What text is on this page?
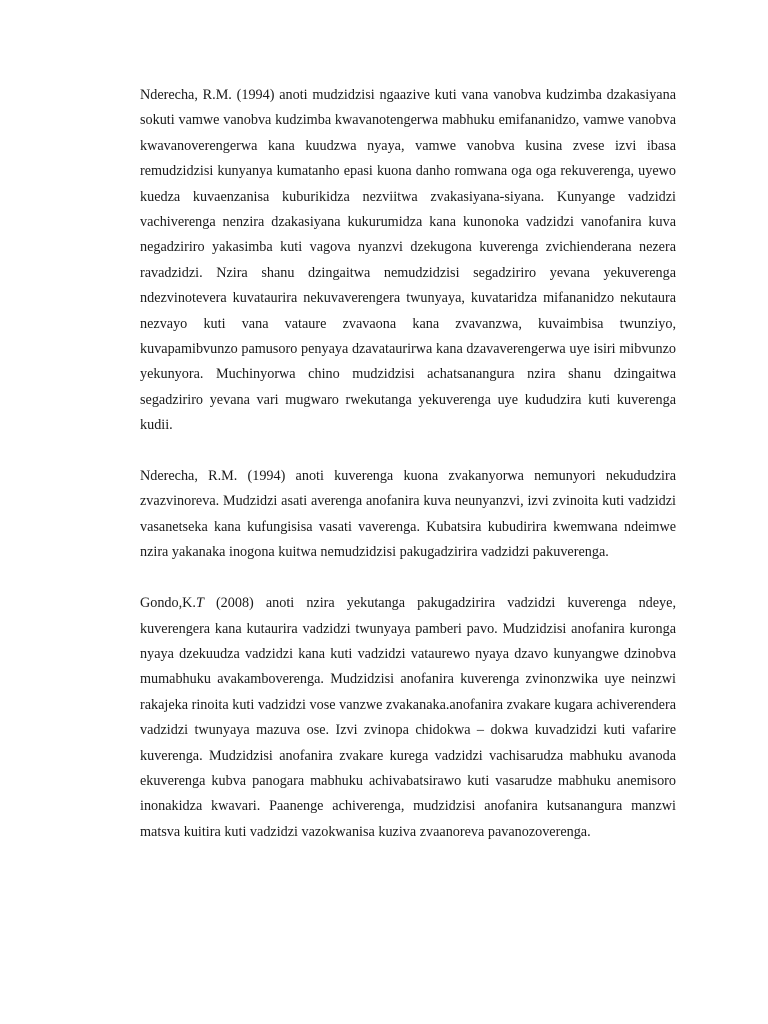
Nderecha, R.M. (1994) anoti mudzidzisi ngaazive kuti vana vanobva kudzimba dzakasiyana sokuti vamwe vanobva kudzimba kwavanotengerwa mabhuku emifananidzo, vamwe vanobva kwavanoverengerwa kana kuudzwa nyaya, vamwe vanobva kusina zvese izvi ibasa remudzidzisi kunyanya kumatanho epasi kuona danho romwana oga oga rekuverenga, uyewo kuedza kuvaenzanisa kuburikidza nezviitwa zvakasiyana-siyana. Kunyange vadzidzi vachiverenga nenzira dzakasiyana kukurumidza kana kunonoka vadzidzi vanofanira kuva negadziriro yakasimba kuti vagova nyanzvi dzekugona kuverenga zvichienderana nezera ravadzidzi. Nzira shanu dzingaitwa nemudzidzisi segadziriro yevana yekuverenga ndezvinotevera kuvataurira nekuvaverengera twunyaya, kuvataridza mifananidzo nekutaura nezvayo kuti vana vataure zvavaona kana zvavanzwa, kuvaimbisa twunziyo, kuvapamibvunzo pamusoro penyaya dzavataurirwa kana dzavaverengerwa uye isiri mibvunzo yekunyora. Muchinyorwa chino mudzidzisi achatsanangura nzira shanu dzingaitwa segadziriro yevana vari mugwaro rwekutanga yekuverenga uye kududzira kuti kuverenga kudii.

Nderecha, R.M. (1994) anoti kuverenga kuona zvakanyorwa nemunyori nekududzira zvazvinoreva. Mudzidzi asati averenga anofanira kuva neunyanzvi, izvi zvinoita kuti vadzidzi vasanetseka kana kufungisisa vasati vaverenga. Kubatsira kubudirira kwemwana ndeimwe nzira yakanaka inogona kuitwa nemudzidzisi pakugadzirira vadzidzi pakuverenga.

Gondo,K.T (2008) anoti nzira yekutanga pakugadzirira vadzidzi kuverenga ndeye, kuverengera kana kutaurira vadzidzi twunyaya pamberi pavo. Mudzidzisi anofanira kuronga nyaya dzekuudza vadzidzi kana kuti vadzidzi vataurewo nyaya dzavo kunyangwe dzinobva mumabhuku avakamboverenga. Mudzidzisi anofanira kuverenga zvinonzwika uye neinzwi rakajeka rinoita kuti vadzidzi vose vanzwe zvakanaka.anofanira zvakare kugara achiverendera vadzidzi twunyaya mazuva ose. Izvi zvinopa chidokwa – dokwa kuvadzidzi kuti vafarire kuverenga. Mudzidzisi anofanira zvakare kurega vadzidzi vachisarudza mabhuku avanoda ekuverenga kubva panogara mabhuku achivabatsirawo kuti vasarudze mabhuku anemisoro inonakidza kwavari. Paanenge achiverenga, mudzidzisi anofanira kutsanangura manzwi matsva kuitira kuti vadzidzi vazokwanisa kuziva zvaanoreva pavanozoverenga.
